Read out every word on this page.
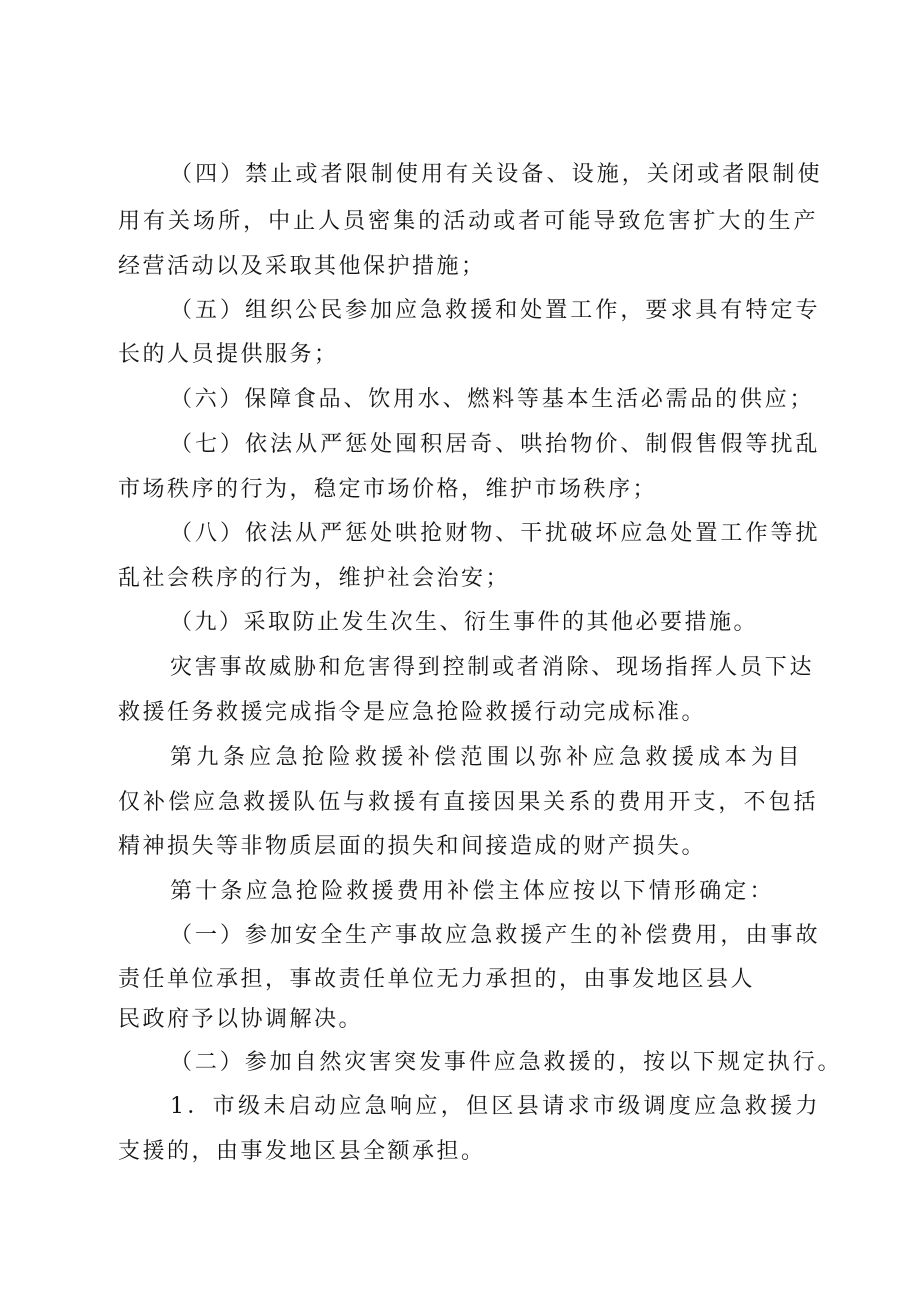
（四）禁止或者限制使用有关设备、设施，关闭或者限制使
用有关场所，中止人员密集的活动或者可能导致危害扩大的生产
经营活动以及采取其他保护措施；
（五）组织公民参加应急救援和处置工作，要求具有特定专
长的人员提供服务；
（六）保障食品、饮用水、燃料等基本生活必需品的供应；
（七）依法从严惩处囤积居奇、哄抬物价、制假售假等扰乱
市场秩序的行为，稳定市场价格，维护市场秩序；
（八）依法从严惩处哄抢财物、干扰破坏应急处置工作等扰
乱社会秩序的行为，维护社会治安；
（九）采取防止发生次生、衍生事件的其他必要措施。
灾害事故威胁和危害得到控制或者消除、现场指挥人员下达
救援任务救援完成指令是应急抢险救援行动完成标准。
第九条应急抢险救援补偿范围以弥补应急救援成本为目
仅补偿应急救援队伍与救援有直接因果关系的费用开支，不包括
精神损失等非物质层面的损失和间接造成的财产损失。
第十条应急抢险救援费用补偿主体应按以下情形确定：
（一）参加安全生产事故应急救援产生的补偿费用，由事故
责任单位承担，事故责任单位无力承担的，由事发地区县人
民政府予以协调解决。
（二）参加自然灾害突发事件应急救援的，按以下规定执行。
1．市级未启动应急响应，但区县请求市级调度应急救援力
支援的，由事发地区县全额承担。
